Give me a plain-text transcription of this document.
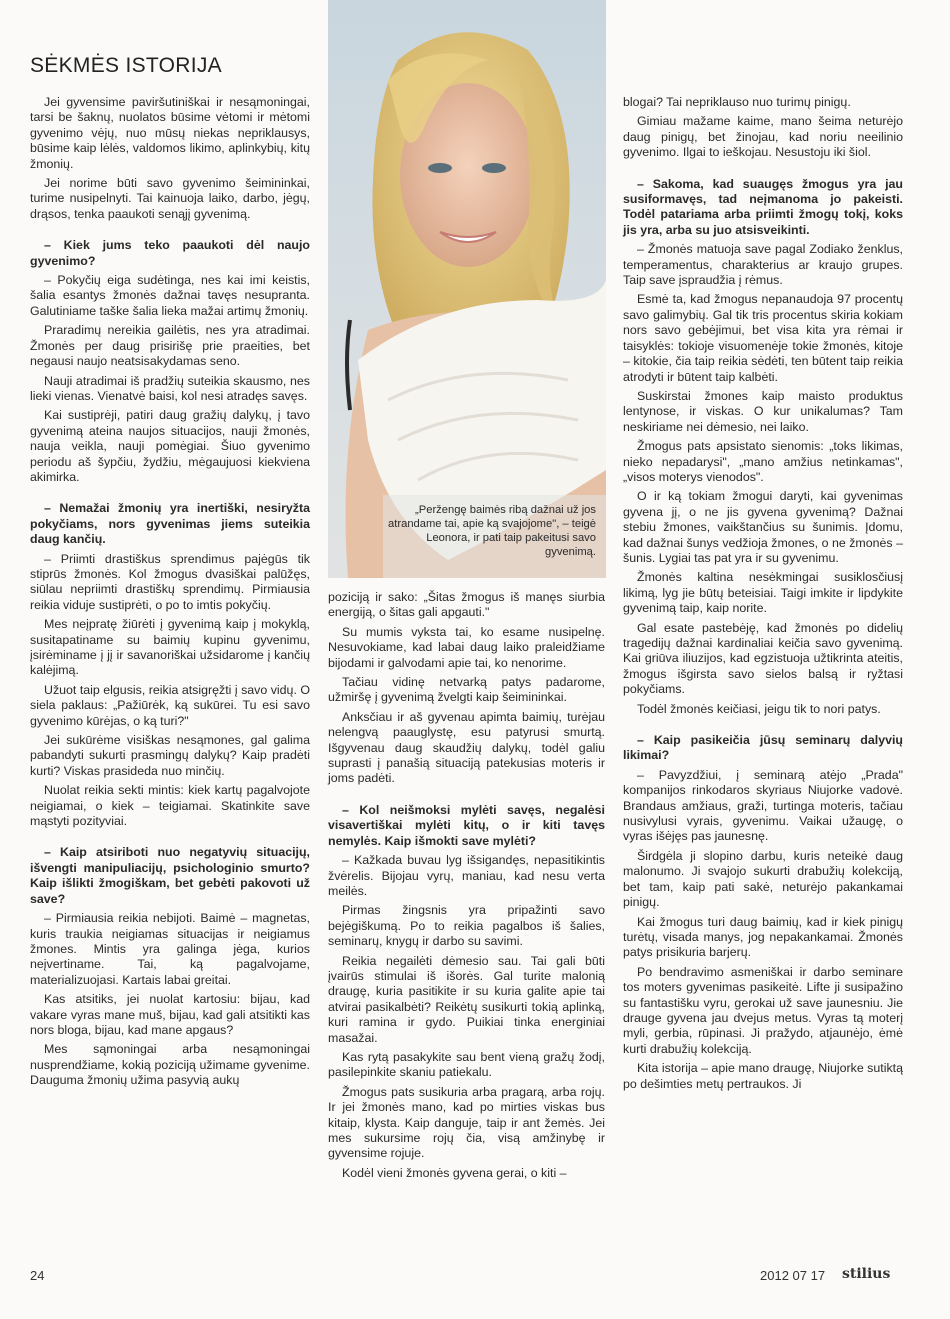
SĖKMĖS ISTORIJA
„Peržengę baimės ribą dažnai už jos atrandame tai, apie ką svajojome", – teigė Leonora, ir pati taip pakeitusi savo gyvenimą.

Jei gyvensime paviršutiniškai ir nesąmoningai, tarsi be šaknų, nuolatos būsime vėtomi ir mėtomi gyvenimo vėjų, nuo mūsų niekas nepriklausys, būsime kaip lėlės, valdomos likimo, aplinkybių, kitų žmonių.

Jei norime būti savo gyvenimo šeimininkai, turime nusipelnyti. Tai kainuoja laiko, darbo, jėgų, drąsos, tenka paaukoti senąjį gyvenimą.

– Kiek jums teko paaukoti dėl naujo gyvenimo?

– Pokyčių eiga sudėtinga, nes kai imi keistis, šalia esantys žmonės dažnai tavęs nesupranta. Galutiniame taške šalia lieka mažai artimų žmonių.

Praradimų nereikia gailėtis, nes yra atradimai. Žmonės per daug prisirišę prie praeities, bet negausi naujo neatsisakydamas seno.

Nauji atradimai iš pradžių suteikia skausmo, nes lieki vienas. Vienatvė baisi, kol nesi atradęs savęs.

Kai sustiprėji, patiri daug gražių dalykų, į tavo gyvenimą ateina naujos situacijos, nauji žmonės, nauja veikla, nauji pomėgiai. Šiuo gyvenimo periodu aš šypčiu, žydžiu, mėgaujuosi kiekviena akimirka.

– Nemažai žmonių yra inertiški, nesiryžta pokyčiams, nors gyvenimas jiems suteikia daug kančių.

– Priimti drastiškus sprendimus pajėgūs tik stiprūs žmonės. Kol žmogus dvasiškai palūžęs, siūlau nepriimti drastiškų sprendimų. Pirmiausia reikia viduje sustiprėti, o po to imtis pokyčių.

Mes neįpratę žiūrėti į gyvenimą kaip į mokyklą, susitapatiname su baimių kupinu gyvenimu, įsirėminame į jį ir savanoriškai užsidarome į kančių kalėjimą.

Užuot taip elgusis, reikia atsigręžti į savo vidų. O siela paklaus: „Pažiūrėk, ką sukūrei. Tu esi savo gyvenimo kūrėjas, o ką turi?"

Jei sukūrėme visiškas nesąmones, gal galima pabandyti sukurti prasmingų dalykų? Kaip pradėti kurti? Viskas prasideda nuo minčių.

Nuolat reikia sekti mintis: kiek kartų pagalvojote neigiamai, o kiek – teigiamai. Skatinkite save mąstyti pozityviai.

– Kaip atsiriboti nuo negatyvių situacijų, išvengti manipuliacijų, psichologinio smurto? Kaip išlikti žmogiškam, bet gebėti pakovoti už save?

– Pirmiausia reikia nebijoti. Baimė – magnetas, kuris traukia neigiamas situacijas ir neigiamus žmones. Mintis yra galinga jėga, kurios neįvertiname. Tai, ką pagalvojame, materializuojasi. Kartais labai greitai.

Kas atsitiks, jei nuolat kartosiu: bijau, kad vakare vyras mane muš, bijau, kad gali atsitikti kas nors bloga, bijau, kad mane apgaus?

Mes sąmoningai arba nesąmoningai nusprendžiame, kokią poziciją užimame gyvenime. Dauguma žmonių užima pasyvią aukų

poziciją ir sako: „Šitas žmogus iš manęs siurbia energiją, o šitas gali apgauti."

Su mumis vyksta tai, ko esame nusipelnę. Nesuvokiame, kad labai daug laiko praleidžiame bijodami ir galvodami apie tai, ko nenorime.

Tačiau vidinę netvarką patys padarome, užmiršę į gyvenimą žvelgti kaip šeimininkai.

Anksčiau ir aš gyvenau apimta baimių, turėjau nelengvą paauglystę, esu patyrusi smurtą. Išgyvenau daug skaudžių dalykų, todėl galiu suprasti į panašią situaciją patekusias moteris ir joms padėti.

– Kol neišmoksi mylėti savęs, negalėsi visavertiškai mylėti kitų, o ir kiti tavęs nemylės. Kaip išmokti save mylėti?

– Kažkada buvau lyg išsigandęs, nepasitikintis žvėrelis. Bijojau vyrų, maniau, kad nesu verta meilės.

Pirmas žingsnis yra pripažinti savo bejėgiškumą. Po to reikia pagalbos iš šalies, seminarų, knygų ir darbo su savimi.

Reikia negailėti dėmesio sau. Tai gali būti įvairūs stimulai iš išorės. Gal turite malonią draugę, kuria pasitikite ir su kuria galite apie tai atvirai pasikalbėti? Reikėtų susikurti tokią aplinką, kuri ramina ir gydo. Puikiai tinka energiniai masažai.

Kas rytą pasakykite sau bent vieną gražų žodį, pasilepinkite skaniu patiekalu.

Žmogus pats susikuria arba pragarą, arba rojų. Ir jei žmonės mano, kad po mirties viskas bus kitaip, klysta. Kaip danguje, taip ir ant žemės. Jei mes sukursime rojų čia, visą amžinybę ir gyvensime rojuje.

Kodėl vieni žmonės gyvena gerai, o kiti –

blogai? Tai nepriklauso nuo turimų pinigų.

Gimiau mažame kaime, mano šeima neturėjo daug pinigų, bet žinojau, kad noriu neeilinio gyvenimo. Ilgai to ieškojau. Nesustoju iki šiol.

– Sakoma, kad suaugęs žmogus yra jau susiformavęs, tad neįmanoma jo pakeisti. Todėl patariama arba priimti žmogų tokį, koks jis yra, arba su juo atsisveikinti.

– Žmonės matuoja save pagal Zodiako ženklus, temperamentus, charakterius ar kraujo grupes. Taip save įspraudžia į rėmus.

Esmė ta, kad žmogus nepanaudoja 97 procentų savo galimybių. Gal tik tris procentus skiria kokiam nors savo gebėjimui, bet visa kita yra rėmai ir taisyklės: tokioje visuomenėje tokie žmonės, kitoje – kitokie, čia taip reikia sėdėti, ten būtent taip reikia atrodyti ir būtent taip kalbėti.

Suskirstai žmones kaip maisto produktus lentynose, ir viskas. O kur unikalumas? Tam neskiriame nei dėmesio, nei laiko.

Žmogus pats apsistato sienomis: „toks likimas, nieko nepadarysi", „mano amžius netinkamas", „visos moterys vienodos".

O ir ką tokiam žmogui daryti, kai gyvenimas gyvena jį, o ne jis gyvena gyvenimą? Dažnai stebiu žmones, vaikštančius su šunimis. Įdomu, kad dažnai šunys vedžioja žmones, o ne žmonės – šunis. Lygiai tas pat yra ir su gyvenimu.

Žmonės kaltina nesėkmingai susiklosčiusį likimą, lyg jie būtų beteisiai. Taigi imkite ir lipdykite gyvenimą taip, kaip norite.

Gal esate pastebėję, kad žmonės po didelių tragedijų dažnai kardinaliai keičia savo gyvenimą. Kai griūva iliuzijos, kad egzistuoja užtikrinta ateitis, žmogus išgirsta savo sielos balsą ir ryžtasi pokyčiams.

Todėl žmonės keičiasi, jeigu tik to nori patys.

– Kaip pasikeičia jūsų seminarų dalyvių likimai?

– Pavyzdžiui, į seminarą atėjo „Prada" kompanijos rinkodaros skyriaus Niujorke vadovė. Brandaus amžiaus, graži, turtinga moteris, tačiau nusivylusi vyrais, gyvenimu. Vaikai užaugę, o vyras išėjęs pas jaunesnę.

Širdgėla ji slopino darbu, kuris neteikė daug malonumo. Ji svajojo sukurti drabužių kolekciją, bet tam, kaip pati sakė, neturėjo pakankamai pinigų.

Kai žmogus turi daug baimių, kad ir kiek pinigų turėtų, visada manys, jog nepakankamai. Žmonės patys prisikuria barjerų.

Po bendravimo asmeniškai ir darbo seminare tos moters gyvenimas pasikeitė. Lifte ji susipažino su fantastišku vyru, gerokai už save jaunesniu. Jie drauge gyvena jau dvejus metus. Vyras tą moterį myli, gerbia, rūpinasi. Ji pražydo, atjaunėjo, ėmė kurti drabužių kolekciją.

Kita istorija – apie mano draugę, Niujorke sutiktą po dešimties metų pertraukos. Ji

24	2012 07 17 stilius
